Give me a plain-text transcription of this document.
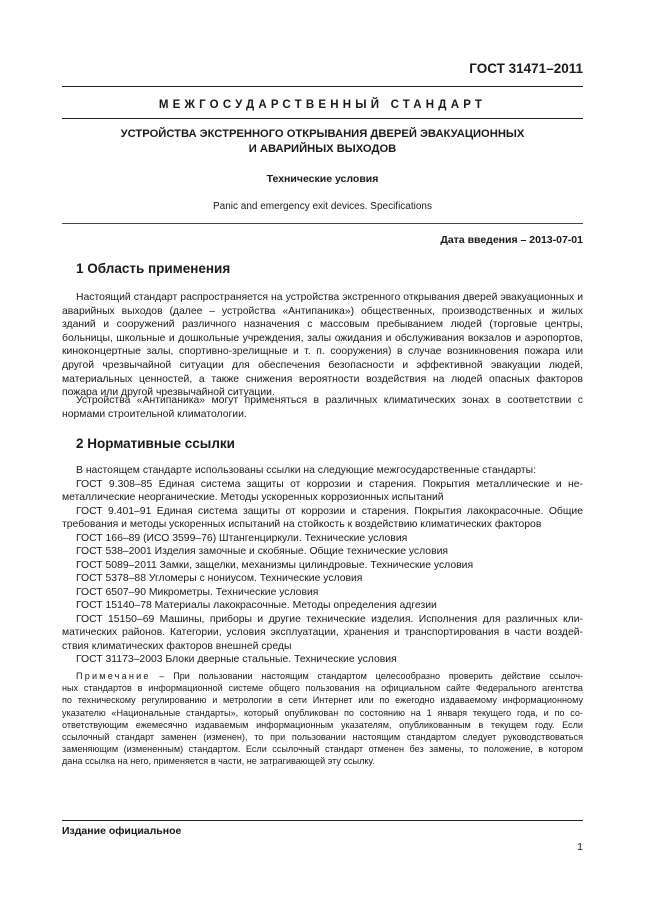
ГОСТ 31471–2011
МЕЖГОСУДАРСТВЕННЫЙ СТАНДАРТ
УСТРОЙСТВА ЭКСТРЕННОГО ОТКРЫВАНИЯ ДВЕРЕЙ ЭВАКУАЦИОННЫХ
И АВАРИЙНЫХ ВЫХОДОВ
Технические условия
Panic and emergency exit devices. Specifications
Дата введения – 2013-07-01
1 Область применения
Настоящий стандарт распространяется на устройства экстренного открывания дверей эвакуационных и аварийных выходов (далее – устройства «Антипаника») общественных, производственных и жилых зданий и сооружений различного назначения с массовым пребыванием людей (торговые центры, больницы, школьные и дошкольные учреждения, залы ожидания и обслуживания вокзалов и аэропортов, киноконцертные залы, спортивно-зрелищные и т. п. сооружения) в случае возникновения пожара или другой чрезвычайной ситуации для обеспечения безопасности и эффективной эвакуации людей, материальных ценностей, а также снижения вероятности воздействия на людей опасных факторов пожара или другой чрезвычайной ситуации.
Устройства «Антипаника» могут применяться в различных климатических зонах в соответствии с нормами строительной климатологии.
2 Нормативные ссылки
В настоящем стандарте использованы ссылки на следующие межгосударственные стандарты:
ГОСТ 9.308–85 Единая система защиты от коррозии и старения. Покрытия металлические и не-
металлические неорганические. Методы ускоренных коррозионных испытаний
ГОСТ 9.401–91 Единая система защиты от коррозии и старения. Покрытия лакокрасочные. Общие
требования и методы ускоренных испытаний на стойкость к воздействию климатических факторов
ГОСТ 166–89 (ИСО 3599–76) Штангенциркули. Технические условия
ГОСТ 538–2001 Изделия замочные и скобяные. Общие технические условия
ГОСТ 5089–2011 Замки, защелки, механизмы цилиндровые. Технические условия
ГОСТ 5378–88 Угломеры с нониусом. Технические условия
ГОСТ 6507–90 Микрометры. Технические условия
ГОСТ 15140–78 Материалы лакокрасочные. Методы определения адгезии
ГОСТ 15150–69 Машины, приборы и другие технические изделия. Исполнения для различных кли-
матических районов. Категории, условия эксплуатации, хранения и транспортирования в части воздей-
ствия климатических факторов внешней среды
ГОСТ 31173–2003 Блоки дверные стальные. Технические условия
Примечание – При пользовании настоящим стандартом целесообразно проверить действие ссылоч-
ных стандартов в информационной системе общего пользования на официальном сайте Федерального агентства
по техническому регулированию и метрологии в сети Интернет или по ежегодно издаваемому информационному
указателю «Национальные стандарты», который опубликован по состоянию на 1 января текущего года, и по со-
ответствующим ежемесячно издаваемым информационным указателям, опубликованным в текущем году. Если
ссылочный стандарт заменен (изменен), то при пользовании настоящим стандартом следует руководствоваться
заменяющим (измененным) стандартом. Если ссылочный стандарт отменен без замены, то положение, в котором
дана ссылка на него, применяется в части, не затрагивающей эту ссылку.
Издание официальное
1
